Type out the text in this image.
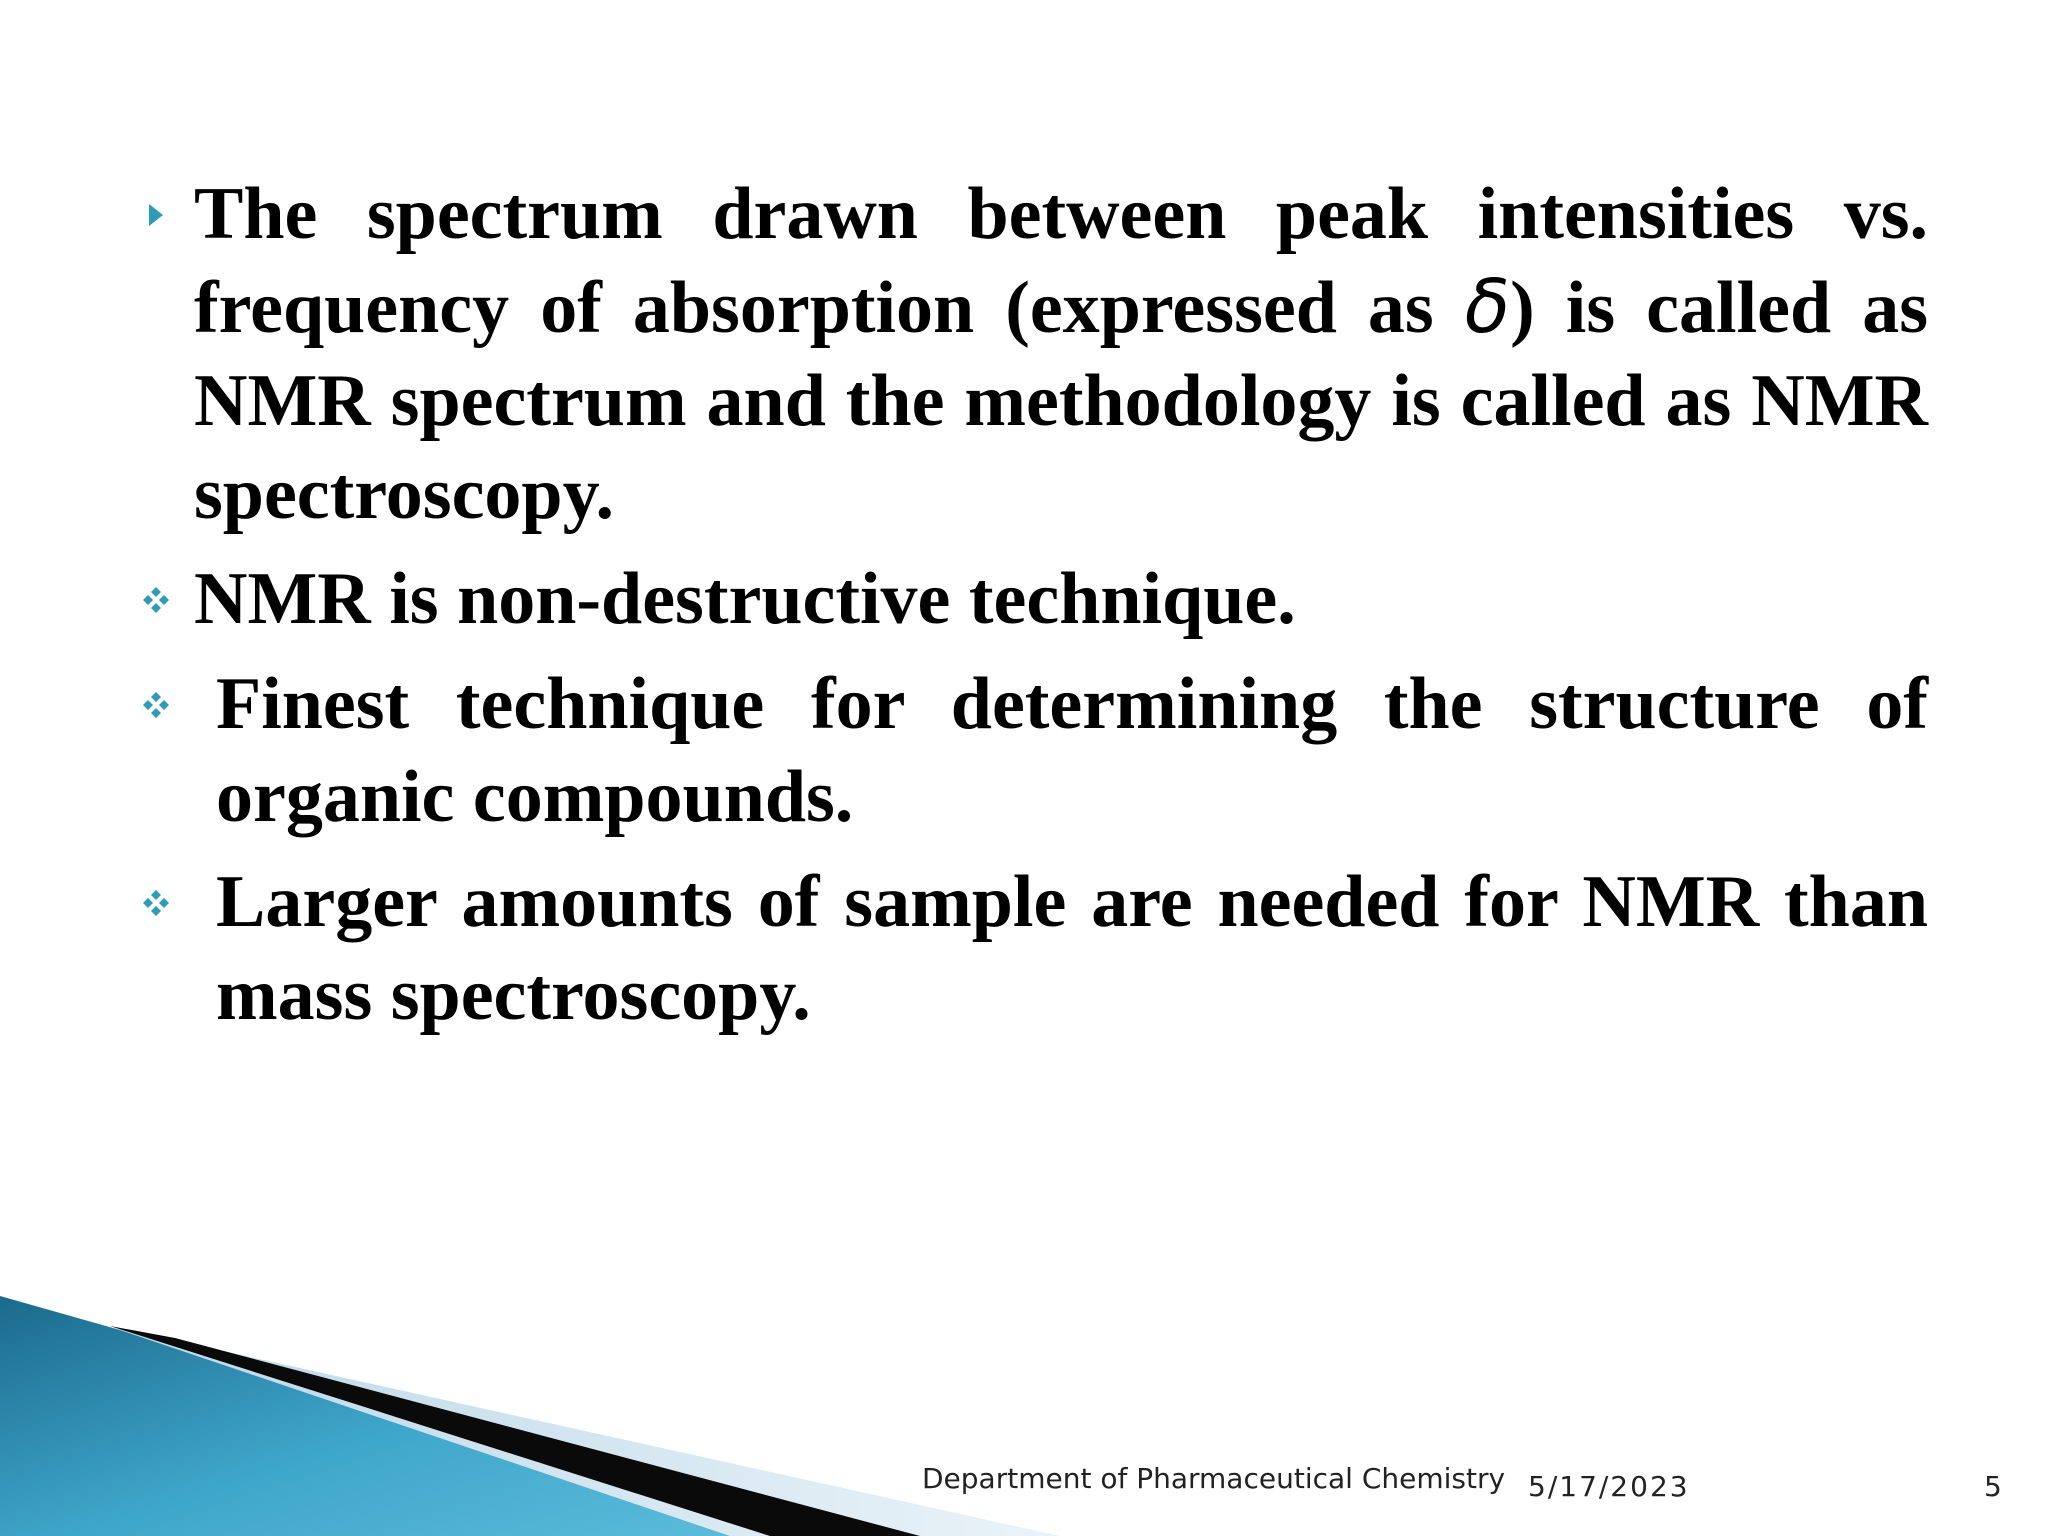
The spectrum drawn between peak intensities vs. frequency of absorption (expressed as δ) is called as NMR spectrum and the methodology is called as NMR spectroscopy.
NMR is non-destructive technique.
Finest technique for determining the structure of organic compounds.
Larger amounts of sample are needed for NMR than mass spectroscopy.
Department of Pharmaceutical Chemistry 5/17/2023	5
